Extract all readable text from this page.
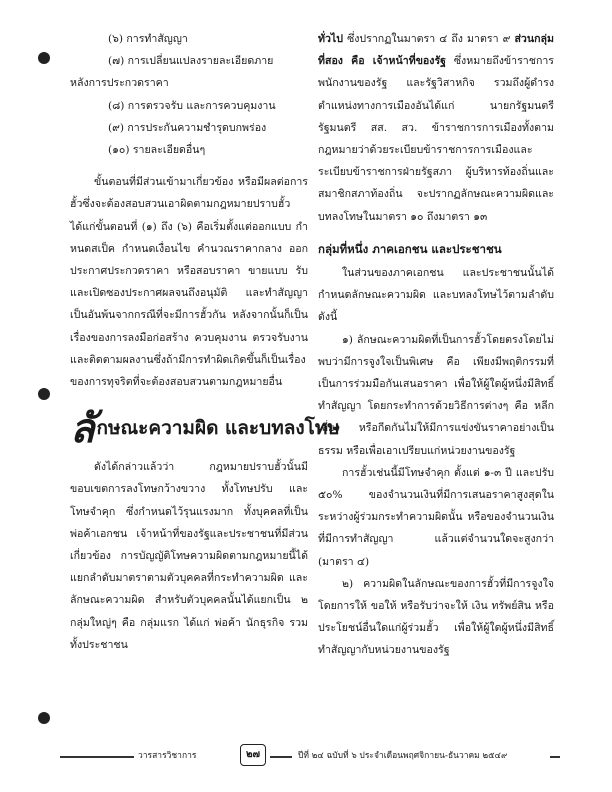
(๖) การทำสัญญา
(๗) การเปลี่ยนแปลงรายละเอียดภาย
หลังการประกวดราคา
(๘) การตรวจรับ และการควบคุมงาน
(๙) การประกันความชำรุดบกพร่อง
(๑๐) รายละเอียดอื่นๆ

ขั้นตอนที่มีส่วนเข้ามาเกี่ยวข้อง หรือมีผลต่อการฮั้วซึ่งจะต้องสอบสวนเอาผิดตามกฎหมายปราบฮั้ว ได้แก่ขั้นตอนที่ (๑) ถึง (๖) คือเริ่มตั้งแต่ออกแบบ กำหนดสเป็ค กำหนดเงื่อนไข คำนวณราคากลาง ออกประกาศประกวดราคา หรือสอบราคา ขายแบบ รับและเปิดซองประกาศผลจนถึงอนุมัติ และทำสัญญา เป็นอันพ้นจากกรณีที่จะมีการฮั้วกัน หลังจากนั้นก็เป็นเรื่องของการลงมือก่อสร้าง ควบคุมงาน ตรวจรับงาน และติดตามผลงานซึ่งถ้ามีการทำผิดเกิดขึ้นก็เป็นเรื่องของการทุจริตที่จะต้องสอบสวนตามกฎหมายอื่น

ลักษณะความผิด และบทลงโทษ

ดังได้กล่าวแล้วว่า กฎหมายปราบฮั้วนั้นมีขอบเขตการลงโทษกว้างขวาง ทั้งโทษปรับ และโทษจำคุก ซึ่งกำหนดไว้รุนแรงมาก ทั้งบุคคลที่เป็นพ่อค้าเอกชน เจ้าหน้าที่ของรัฐและประชาชนที่มีส่วนเกี่ยวข้อง การบัญญัติโทษความผิดตามกฎหมายนี้ได้แยกลำดับมาตราตามตัวบุคคลที่กระทำความผิด และลักษณะความผิด สำหรับตัวบุคคลนั้นได้แยกเป็น ๒ กลุ่มใหญ่ๆ คือ กลุ่มแรก ได้แก่ พ่อค้า นักธุรกิจ รวมทั้งประชาชน

ทั่วไป ซึ่งปรากฏในมาตรา ๔ ถึง มาตรา ๙ ส่วนกลุ่มที่สอง คือ เจ้าหน้าที่ของรัฐ ซึ่งหมายถึงข้าราชการ พนักงานของรัฐ และรัฐวิสาหกิจ รวมถึงผู้ดำรงตำแหน่งทางการเมืองอันได้แก่ นายกรัฐมนตรี รัฐมนตรี สส. สว. ข้าราชการการเมืองทั้งตามกฎหมายว่าด้วยระเบียบข้าราชการการเมืองและระเบียบข้าราชการฝ่ายรัฐสภา ผู้บริหารท้องถิ่นและสมาชิกสภาท้องถิ่น จะปรากฏลักษณะความผิดและบทลงโทษในมาตรา ๑๐ ถึงมาตรา ๑๓

กลุ่มที่หนึ่ง ภาคเอกชน และประชาชน

ในส่วนของภาคเอกชน และประชาชนนั้นได้กำหนดลักษณะความผิด และบทลงโทษไว้ตามลำดับ ดังนี้

๑) ลักษณะความผิดที่เป็นการฮั้วโดยตรงโดยไม่พบว่ามีการจูงใจเป็นพิเศษ คือ เพียงมีพฤติกรรมที่เป็นการร่วมมือกันเสนอราคา เพื่อให้ผู้ใดผู้หนึ่งมีสิทธิ์ทำสัญญา โดยกระทำการด้วยวิธีการต่างๆ คือ หลีกเลี่ยง หรือกีดกันไม่ให้มีการแข่งขันราคาอย่างเป็นธรรม หรือเพื่อเอาเปรียบแก่หน่วยงานของรัฐ

การฮั้วเช่นนี้มีโทษจำคุก ตั้งแต่ ๑-๓ ปี และปรับ ๕๐% ของจำนวนเงินที่มีการเสนอราคาสูงสุดในระหว่างผู้ร่วมกระทำความผิดนั้น หรือของจำนวนเงินที่มีการทำสัญญา แล้วแต่จำนวนใดจะสูงกว่า (มาตรา ๔)

๒) ความผิดในลักษณะของการฮั้วที่มีการจูงใจโดยการให้ ขอให้ หรือรับว่าจะให้ เงิน ทรัพย์สิน หรือประโยชน์อื่นใดแก่ผู้ร่วมฮั้ว เพื่อให้ผู้ใดผู้หนึ่งมีสิทธิ์ทำสัญญากับหน่วยงานของรัฐ

วารสารวิชาการ	๒๗	ปีที่ ๒๔ ฉบับที่ ๖ ประจำเดือนพฤศจิกายน-ธันวาคม ๒๕๔๙
